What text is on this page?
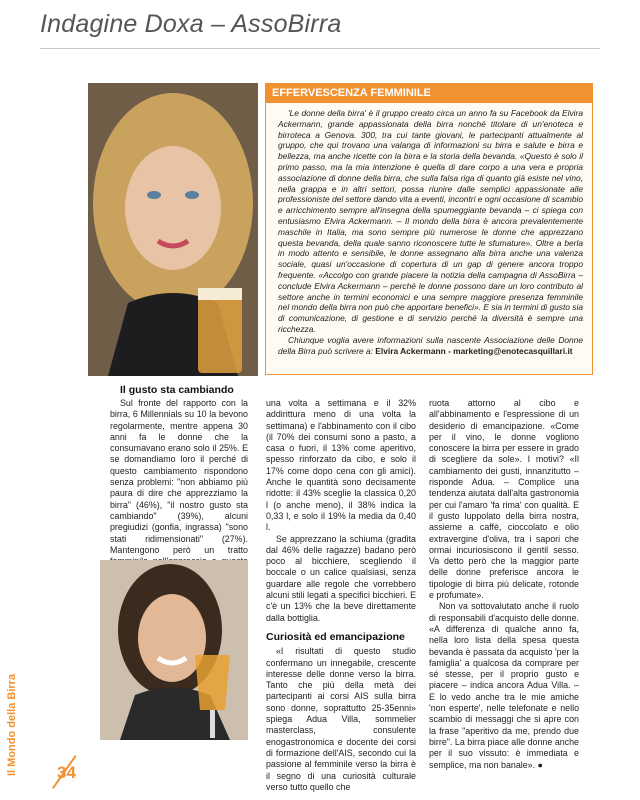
Indagine Doxa – AssoBirra
EFFERVESCENZA FEMMINILE

'Le donne della birra' è il gruppo creato circa un anno fa su Facebook da Elvira Ackermann, grande appassionata della birra nonché titolare di un'enoteca e birroteca a Genova. 300, tra cui tante giovani, le partecipanti attualmente al gruppo, che qui trovano una valanga di informazioni su birra e salute e birra e bellezza, ma anche ricette con la birra e la storia della bevanda. «Questo è solo il primo passo, ma la mia intenzione è quella di dare corpo a una vera e propria associazione di donne della birra, che sulla falsa riga di quanto già esiste nel vino, nella grappa e in altri settori, possa riunire dalle semplici appassionate alle professioniste del settore dando vita a eventi, incontri e ogni occasione di scambio e arricchimento sempre all'insegna della spumeggiante bevanda – ci spiega con entusiasmo Elvira Ackermann. – Il mondo della birra è ancora prevalentemente maschile in Italia, ma sono sempre più numerose le donne che apprezzano questa bevanda, della quale sanno riconoscere tutte le sfumature». Oltre a berla in modo attento e sensibile, le donne assegnano alla birra anche una valenza sociale, quasi un'occasione di copertura di un gap di genere ancora troppo frequente. «Accolgo con grande piacere la notizia della campagna di AssoBirra – conclude Elvira Ackermann – perché le donne possono dare un loro contributo al settore anche in termini economici e una sempre maggiore presenza femminile nel mondo della birra non può che apportare benefici». E sia in termini di gusto sia di comunicazione, di gestione e di servizio perché la diversità è sempre una ricchezza.

Chiunque voglia avere informazioni sulla nascente Associazione delle Donne della Birra può scrivere a: Elvira Ackermann - marketing@enotecasquillari.it

Il gusto sta cambiando

Sul fronte del rapporto con la birra, 6 Millennials su 10 la bevono regolarmente, mentre appena 30 anni fa le donne che la consumavano erano solo il 25%. E se domandiamo loro il perché di questo cambiamento rispondono senza problemi: "non abbiamo più paura di dire che apprezziamo la birra" (46%), "il nostro gusto sta cambiando" (39%), alcuni pregiudizi (gonfia, ingrassa) "sono stati ridimensionati" (27%). Mantengono però un tratto

una volta a settimana e il 32% addirittura meno di una volta la settimana) e l'abbinamento con il cibo (il 70% dei consumi sono a pasto, a casa o fuori, il 13% come aperitivo, spesso rinforzato da cibo, e solo il 17% come dopo cena con gli amici). Anche le quantità sono decisamente ridotte: il 43% sceglie la classica 0,20 l (o anche meno), il 38% indica la 0,33 l, e solo il 19% la media da 0,40 l.

Se apprezzano la schiuma (gradita dal 46% delle ragazze) badano però poco al bicchiere, scegliendo il boccale o un calice qualsiasi, senza guardare alle regole che vorrebbero alcuni stili legati a specifici bicchieri. E c'è un 13% che la beve direttamente dalla bottiglia.

Curiosità ed emancipazione

«I risultati di questo studio confermano un innegabile, crescente interesse delle donne verso la birra. Tanto che più della metà dei partecipanti ai corsi AIS sulla birra sono donne, soprattutto 25-35enni» spiega Adua Villa, sommelier masterclass, consulente enogastronomica e docente dei corsi di formazione dell'AIS, secondo cui la passione al femminile verso la birra è il segno di una curiosità culturale verso tutto quello che

ruota attorno al cibo e all'abbinamento e l'espressione di un desiderio di emancipazione. «Come per il vino, le donne vogliono conoscere la birra per essere in grado di scegliere da sole». I motivi? «Il cambiamento dei gusti, innanzitutto – risponde Adua. – Complice una tendenza aiutata dall'alta gastronomia per cui l'amaro 'fa rima' con qualità. E il gusto luppolato della birra nostra, assieme a caffè, cioccolato e olio extravergine d'oliva, tra i sapori che ormai incuriosiscono il gentil sesso. Va detto però che la maggior parte delle donne preferisce ancora le tipologie di birra più delicate, rotonde e profumate».

Non va sottovalutato anche il ruolo di responsabili d'acquisto delle donne. «A differenza di qualche anno fa, nella loro lista della spesa questa bevanda è passata da acquisto 'per la famiglia' a qualcosa da comprare per sé stesse, per il proprio gusto e piacere – indica ancora Adua Villa. – E lo vedo anche tra le mie amiche 'non esperte', nelle telefonate e nello scambio di messaggi che si apre con la frase "aperitivo da me, prendo due birre". La birra piace alle donne anche per il suo vissuto: è immediata e semplice, ma non banale». ●

Il Mondo della Birra 34
